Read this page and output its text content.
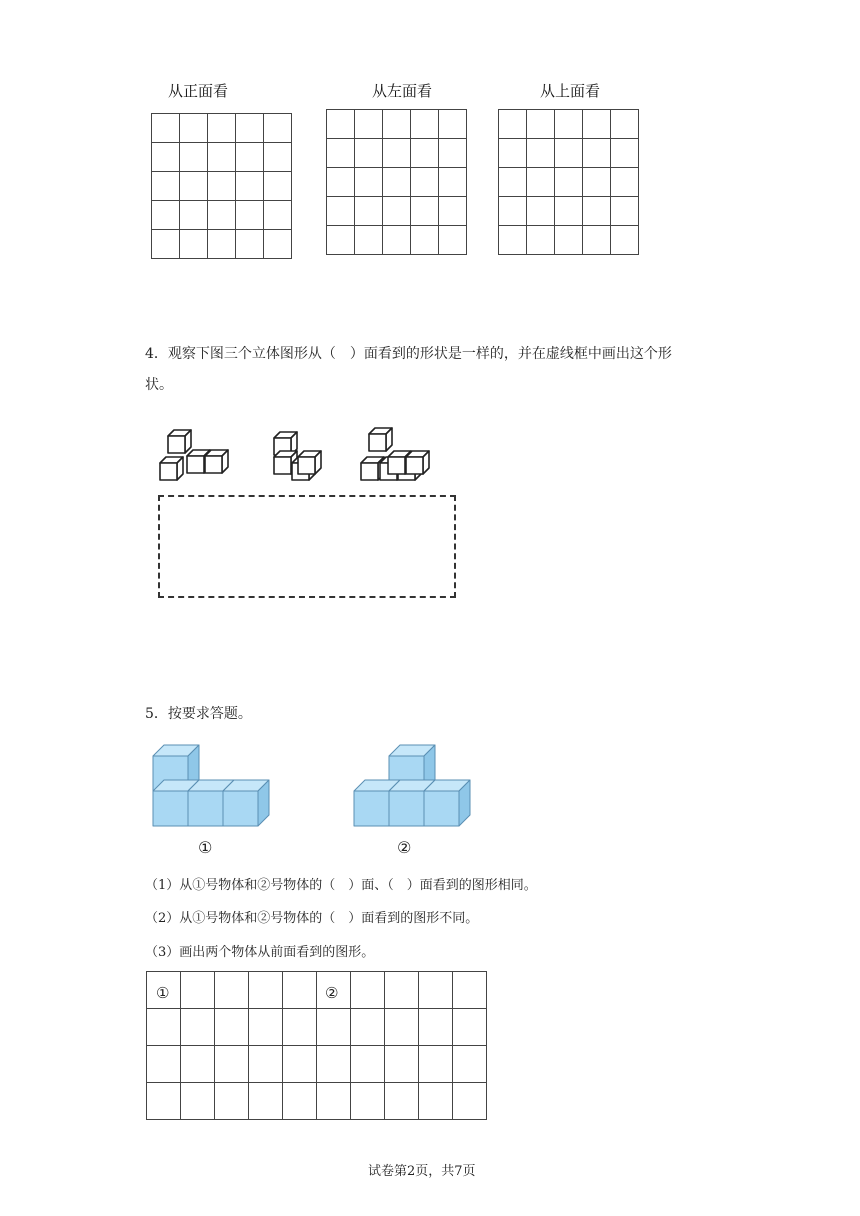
从正面看	从左面看	从上面看

4．观察下图三个立体图形从（　）面看到的形状是一样的，并在虚线框中画出这个形
状。
5．按要求答题。
①	②
（1）从①号物体和②号物体的（　）面、（　）面看到的图形相同。
（2）从①号物体和②号物体的（　）面看到的图形不同。
（3）画出两个物体从前面看到的图形。

①	②
试卷第2页，共7页
